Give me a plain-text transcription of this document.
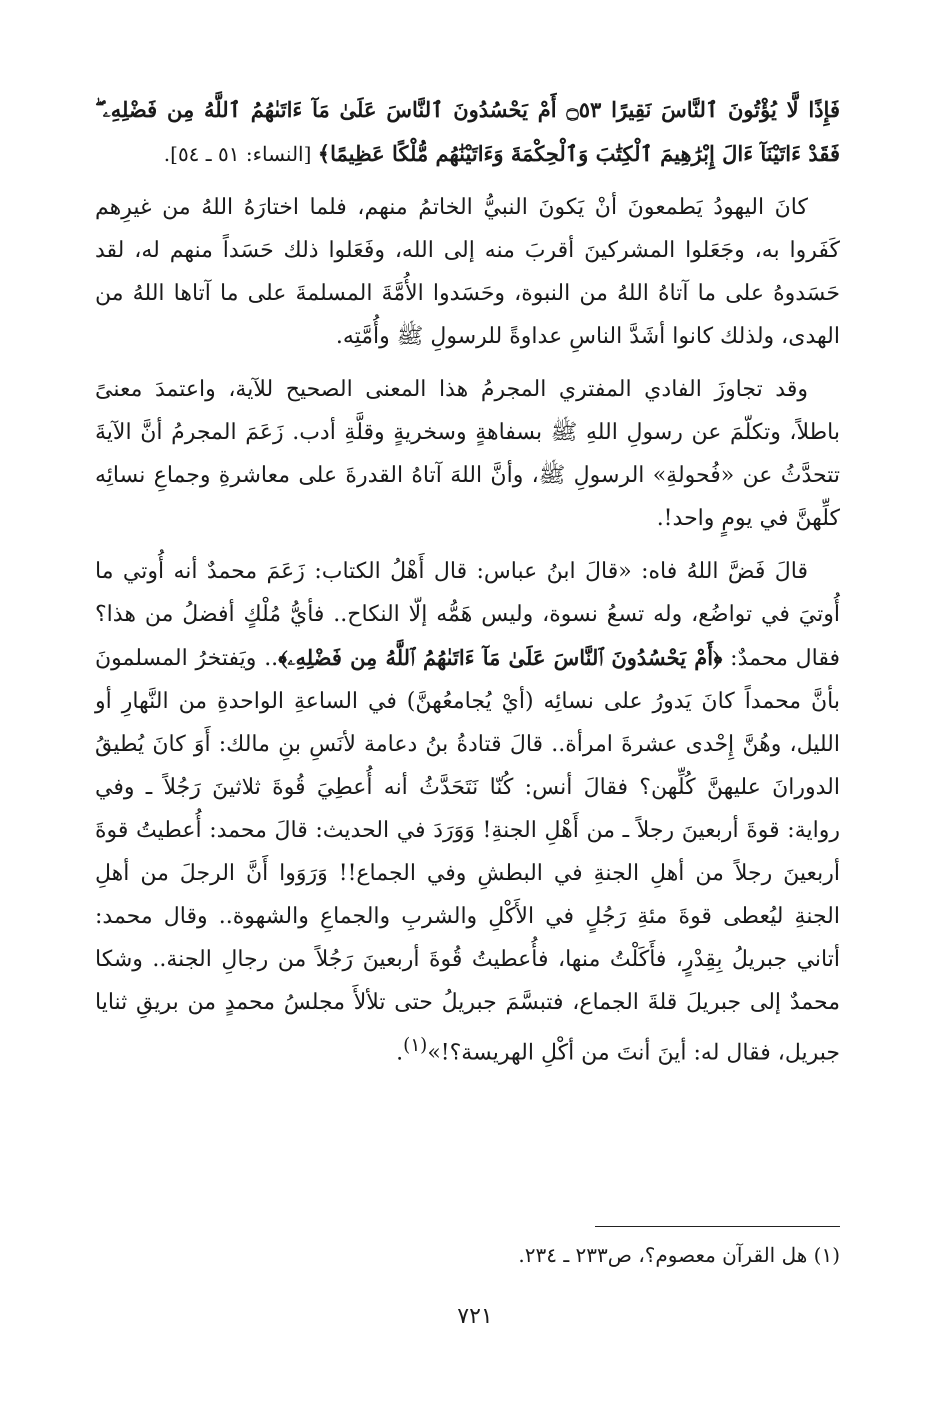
فَإِذًا لَّا يُؤْتُونَ ٱلنَّاسَ نَقِيرًا ۝٥٣ أَمْ يَحْسُدُونَ ٱلنَّاسَ عَلَىٰ مَآ ءَاتَىٰهُمُ ٱللَّهُ مِن فَضْلِهِۦ ۖ فَقَدْ ءَاتَيْنَآ ءَالَ إِبْرَٰهِيمَ ٱلْكِتَٰبَ وَٱلْحِكْمَةَ وَءَاتَيْنَٰهُم مُّلْكًا عَظِيمًا﴾ [النساء: ٥١ ـ ٥٤].

كانَ اليهودُ يَطمعونَ أنْ يَكونَ النبيُّ الخاتمُ منهم، فلما اختارَهُ اللهُ من غيرِهم كَفَروا به، وجَعَلوا المشركينَ أقربَ منه إلى الله، وفَعَلوا ذلك حَسَداً منهم له، لقد حَسَدوهُ على ما آتاهُ اللهُ من النبوة، وحَسَدوا الأُمَّةَ المسلمةَ على ما آتاها اللهُ من الهدى، ولذلك كانوا أشَدَّ الناسِ عداوةً للرسولِ ﷺ وأُمَّتِه.

وقد تجاوزَ الفادي المفتري المجرمُ هذا المعنى الصحيح للآية، واعتمدَ معنىً باطلاً، وتكلّمَ عن رسولِ اللهِ ﷺ بسفاهةٍ وسخريةٍ وقلَّةِ أدب. زَعَمَ المجرمُ أنَّ الآيةَ تتحدَّثُ عن «فُحولةِ» الرسولِ ﷺ، وأنَّ اللهَ آتاهُ القدرةَ على معاشرةِ وجماعِ نسائِه كلِّهنَّ في يومٍ واحد!.

قالَ فَضَّ اللهُ فاه: «قالَ ابنُ عباس: قال أَهْلُ الكتاب: زَعَمَ محمدٌ أنه أُوتي ما أُوتيَ في تواضُع، وله تسعُ نسوة، وليس هَمُّه إلّا النكاح.. فأيُّ مُلْكٍ أفضلُ من هذا؟ فقال محمدٌ: ﴿أَمْ يَحْسُدُونَ ٱلنَّاسَ عَلَىٰ مَآ ءَاتَىٰهُمُ ٱللَّهُ مِن فَضْلِهِۦ﴾.. ويَفتخرُ المسلمونَ بأنَّ محمداً كانَ يَدورُ على نسائِه (أيْ يُجامعُهنَّ) في الساعةِ الواحدةِ من النَّهارِ أو الليل، وهُنَّ إِحْدى عشرةَ امرأة.. قالَ قتادةُ بنُ دعامة لأنَسِ بنِ مالك: أَوَ كانَ يُطيقُ الدورانَ عليهنَّ كُلِّهن؟ فقالَ أنس: كُنّا نَتَحَدَّثُ أنه أُعطِيَ قُوةَ ثلاثينَ رَجُلاً ـ وفي رواية: قوةَ أربعينَ رجلاً ـ من أَهْلِ الجنةِ! وَوَرَدَ في الحديث: قالَ محمد: أُعطيتُ قوةَ أربعينَ رجلاً من أهلِ الجنةِ في البطشِ وفي الجماع!! وَرَوَوا أَنَّ الرجلَ من أهلِ الجنةِ ليُعطى قوةَ مئةِ رَجُلٍ في الأَكْلِ والشربِ والجماعِ والشهوة.. وقال محمد: أتاني جبريلُ بِقِدْرٍ، فأَكَلْتُ منها، فأُعطيتُ قُوةَ أربعينَ رَجُلاً من رجالِ الجنة.. وشكا محمدٌ إلى جبريلَ قلةَ الجماع، فتبسَّمَ جبريلُ حتى تلألأَ مجلسُ محمدٍ من بريقِ ثنايا جبريل، فقال له: أينَ أنتَ من أكْلِ الهريسة؟!»$^{(١)}$.

(١) هل القرآن معصوم؟، ص٢٣٣ ـ ٢٣٤.
٧٢١
